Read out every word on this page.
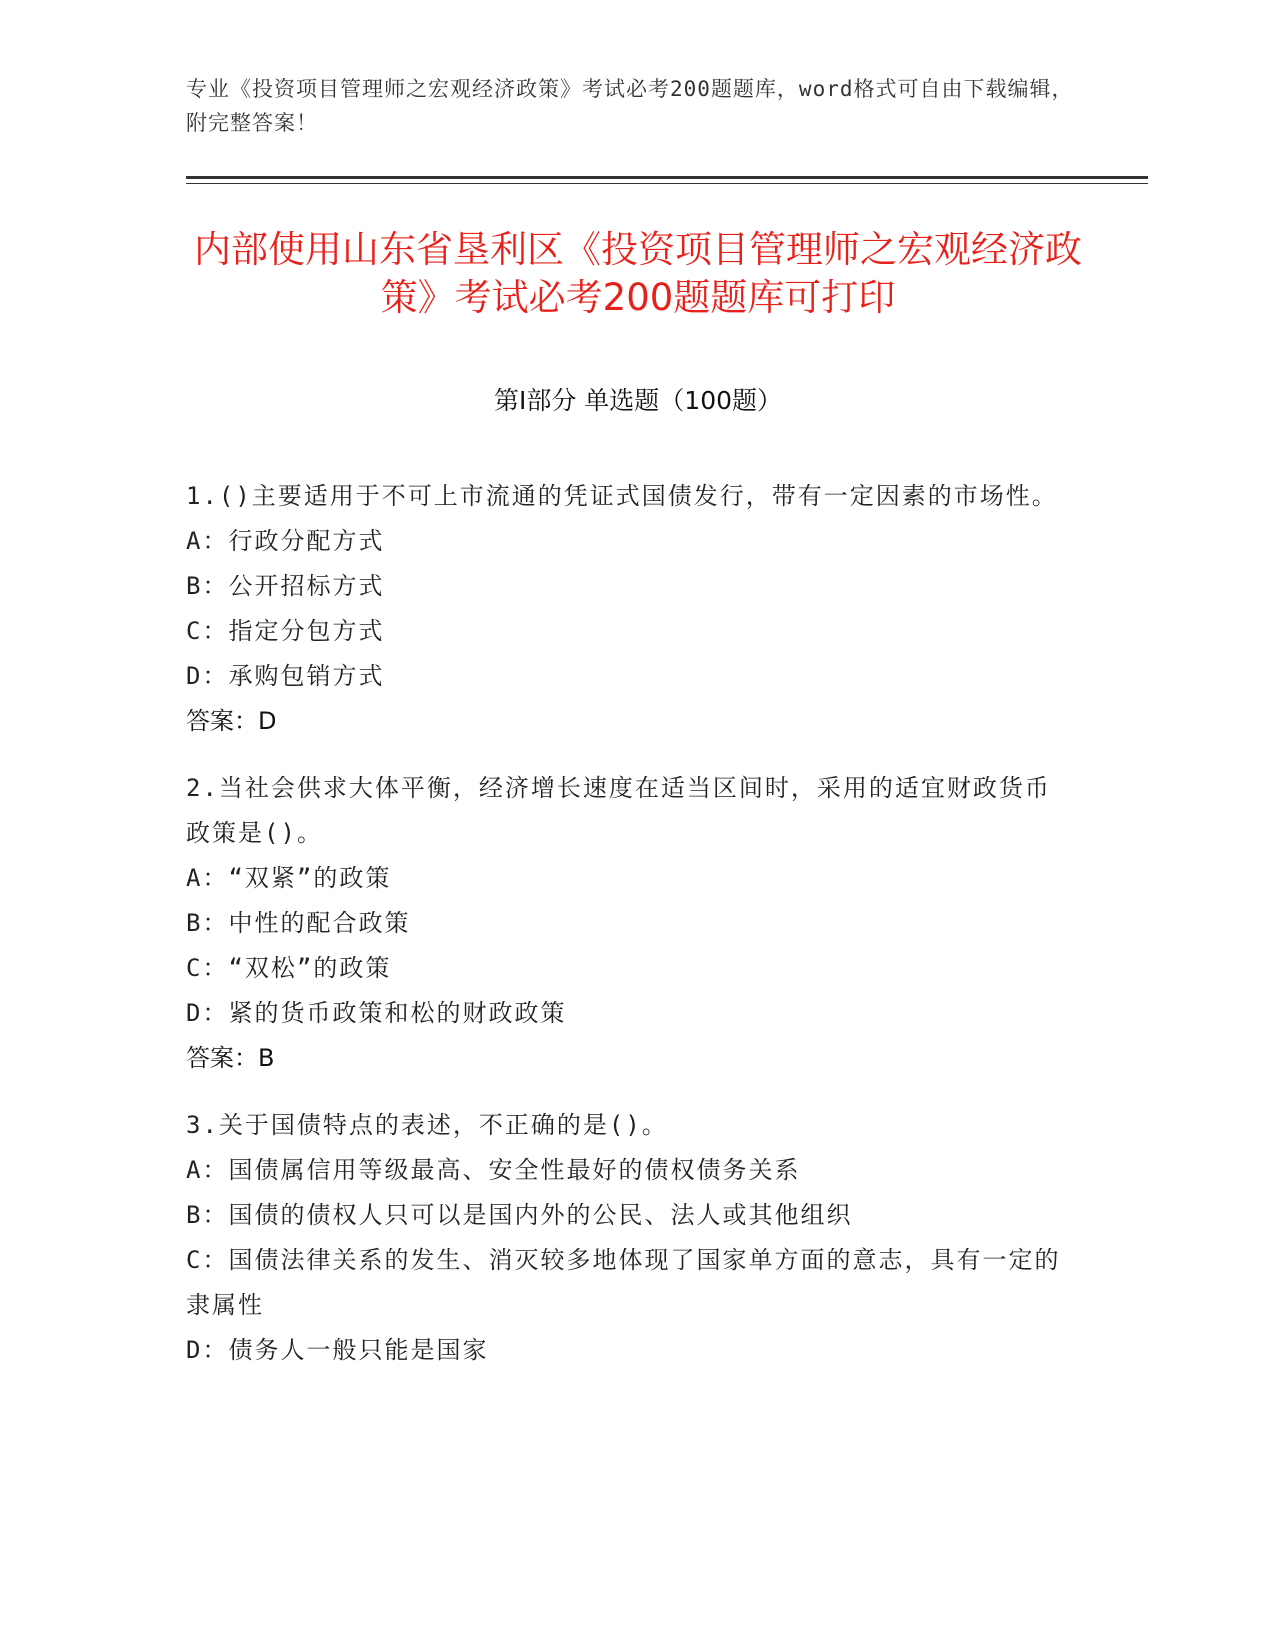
专业《投资项目管理师之宏观经济政策》考试必考200题题库，word格式可自由下载编辑，附完整答案！
内部使用山东省垦利区《投资项目管理师之宏观经济政策》考试必考200题题库可打印
第Ⅰ部分 单选题（100题）
1.()主要适用于不可上市流通的凭证式国债发行，带有一定因素的市场性。
A：行政分配方式
B：公开招标方式
C：指定分包方式
D：承购包销方式
答案：D
2.当社会供求大体平衡，经济增长速度在适当区间时，采用的适宜财政货币政策是()。
A：“双紧”的政策
B：中性的配合政策
C：“双松”的政策
D：紧的货币政策和松的财政政策
答案：B
3.关于国债特点的表述，不正确的是()。
A：国债属信用等级最高、安全性最好的债权债务关系
B：国债的债权人只可以是国内外的公民、法人或其他组织
C：国债法律关系的发生、消灭较多地体现了国家单方面的意志，具有一定的隶属性
D：债务人一般只能是国家
